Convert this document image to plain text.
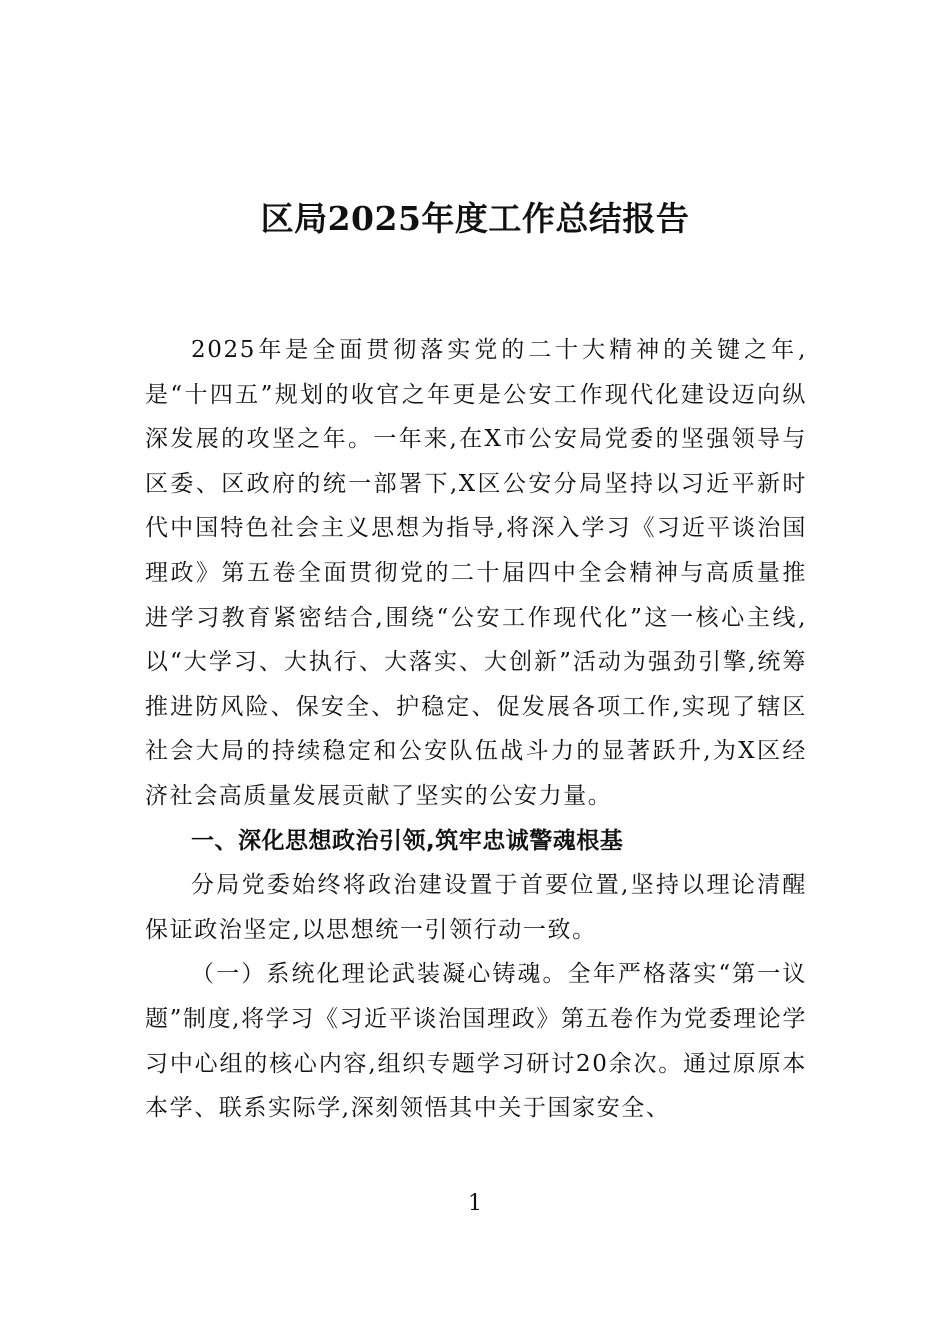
区局2025年度工作总结报告

2025年是全面贯彻落实党的二十大精神的关键之年,是“十四五”规划的收官之年更是公安工作现代化建设迈向纵深发展的攻坚之年。一年来,在X市公安局党委的坚强领导与区委、区政府的统一部署下,X区公安分局坚持以习近平新时代中国特色社会主义思想为指导,将深入学习《习近平谈治国理政》第五卷全面贯彻党的二十届四中全会精神与高质量推进学习教育紧密结合,围绕“公安工作现代化”这一核心主线,以“大学习、大执行、大落实、大创新”活动为强劲引擎,统筹推进防风险、保安全、护稳定、促发展各项工作,实现了辖区社会大局的持续稳定和公安队伍战斗力的显著跃升,为X区经济社会高质量发展贡献了坚实的公安力量。

一、深化思想政治引领,筑牢忠诚警魂根基

分局党委始终将政治建设置于首要位置,坚持以理论清醒保证政治坚定,以思想统一引领行动一致。

（一）系统化理论武装凝心铸魂。全年严格落实“第一议题”制度,将学习《习近平谈治国理政》第五卷作为党委理论学习中心组的核心内容,组织专题学习研讨20余次。通过原原本本学、联系实际学,深刻领悟其中关于国家安全、

1
